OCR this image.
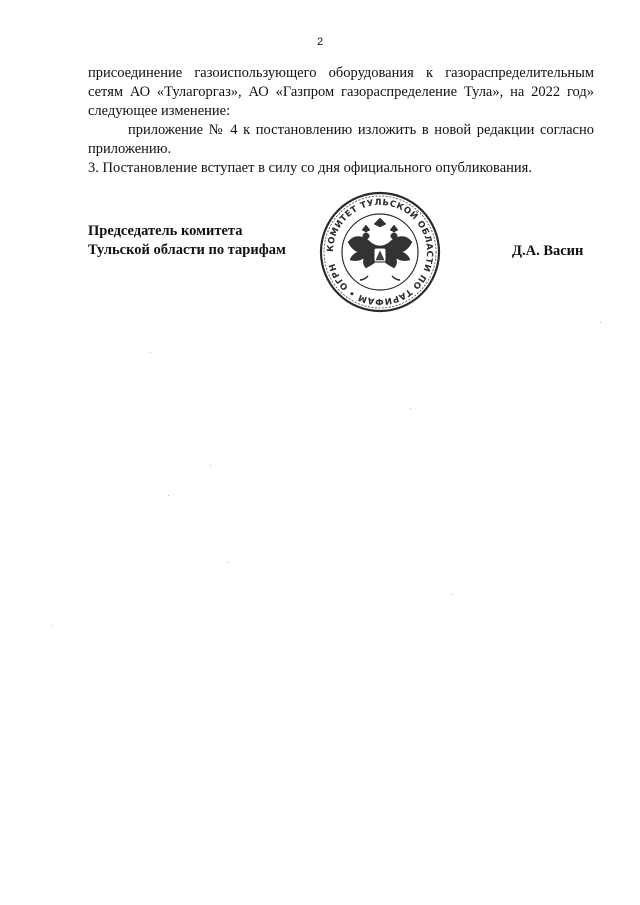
2

присоединение газоиспользующего оборудования к газораспределительным

сетям АО «Тулагоргаз», АО «Газпром газораспределение Тула», на 2022 год»

следующее изменение:

приложение № 4 к постановлению изложить в новой редакции согласно

приложению.

3. Постановление вступает в силу со дня официального опубликования.

Председатель комитета
Тульской области по тарифам	Д.А. Васин
КОМИТЕТ ТУЛЬСКОЙ ОБЛАСТИ ПО ТАРИФАМ • ОГРН
